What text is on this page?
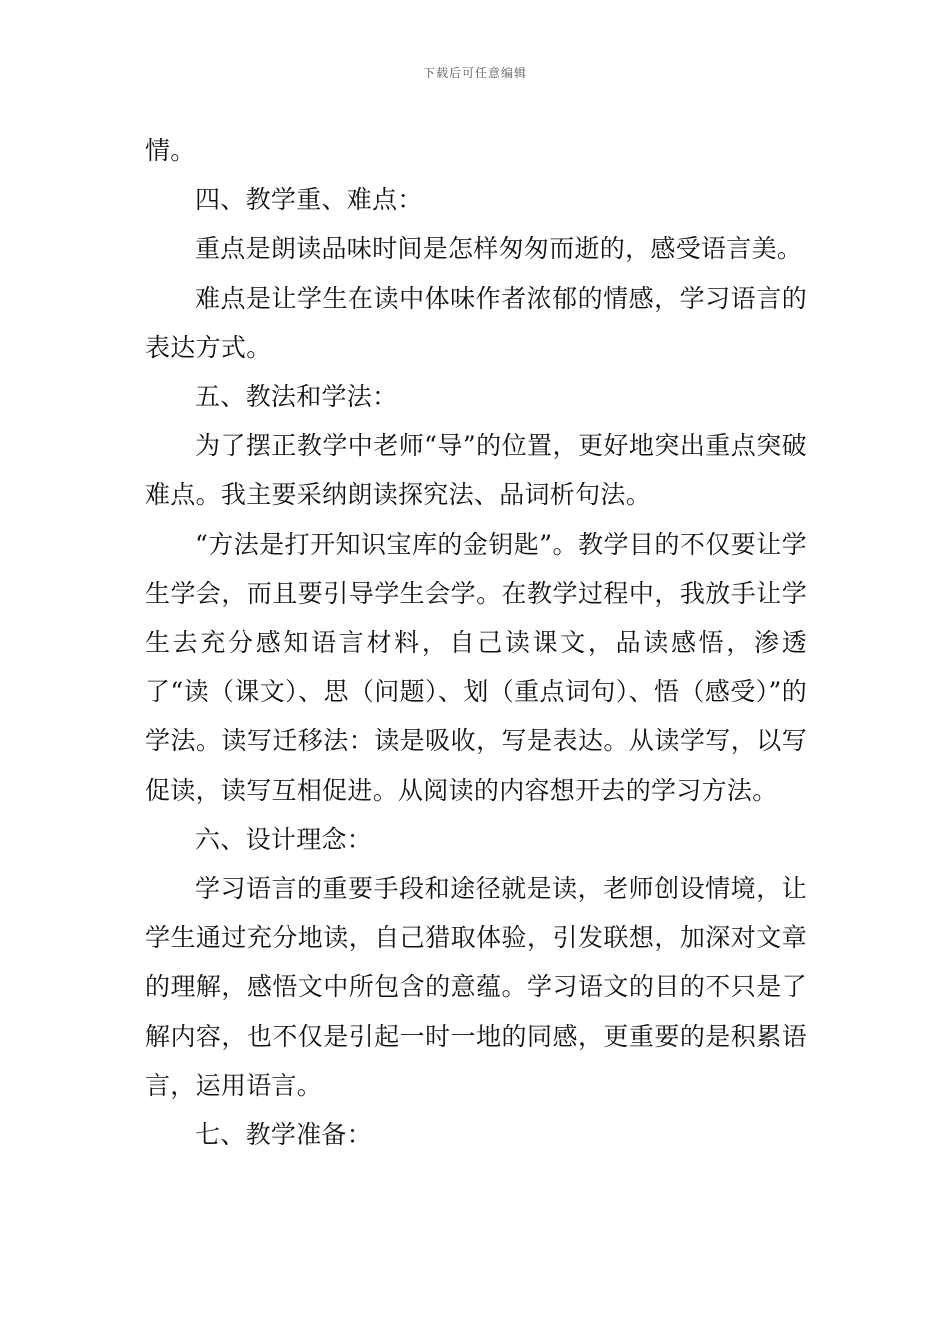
下载后可任意编辑

情。

四、教学重、难点：

重点是朗读品味时间是怎样匆匆而逝的，感受语言美。

难点是让学生在读中体味作者浓郁的情感，学习语言的表达方式。

五、教法和学法：

为了摆正教学中老师“导”的位置，更好地突出重点突破难点。我主要采纳朗读探究法、品词析句法。

“方法是打开知识宝库的金钥匙”。教学目的不仅要让学生学会，而且要引导学生会学。在教学过程中，我放手让学生去充分感知语言材料，自己读课文，品读感悟，渗透了“读（课文）、思（问题）、划（重点词句）、悟（感受）”的学法。读写迁移法：读是吸收，写是表达。从读学写，以写促读，读写互相促进。从阅读的内容想开去的学习方法。

六、设计理念：

学习语言的重要手段和途径就是读，老师创设情境，让学生通过充分地读，自己猎取体验，引发联想，加深对文章的理解，感悟文中所包含的意蕴。学习语文的目的不只是了解内容，也不仅是引起一时一地的同感，更重要的是积累语言，运用语言。

七、教学准备：
